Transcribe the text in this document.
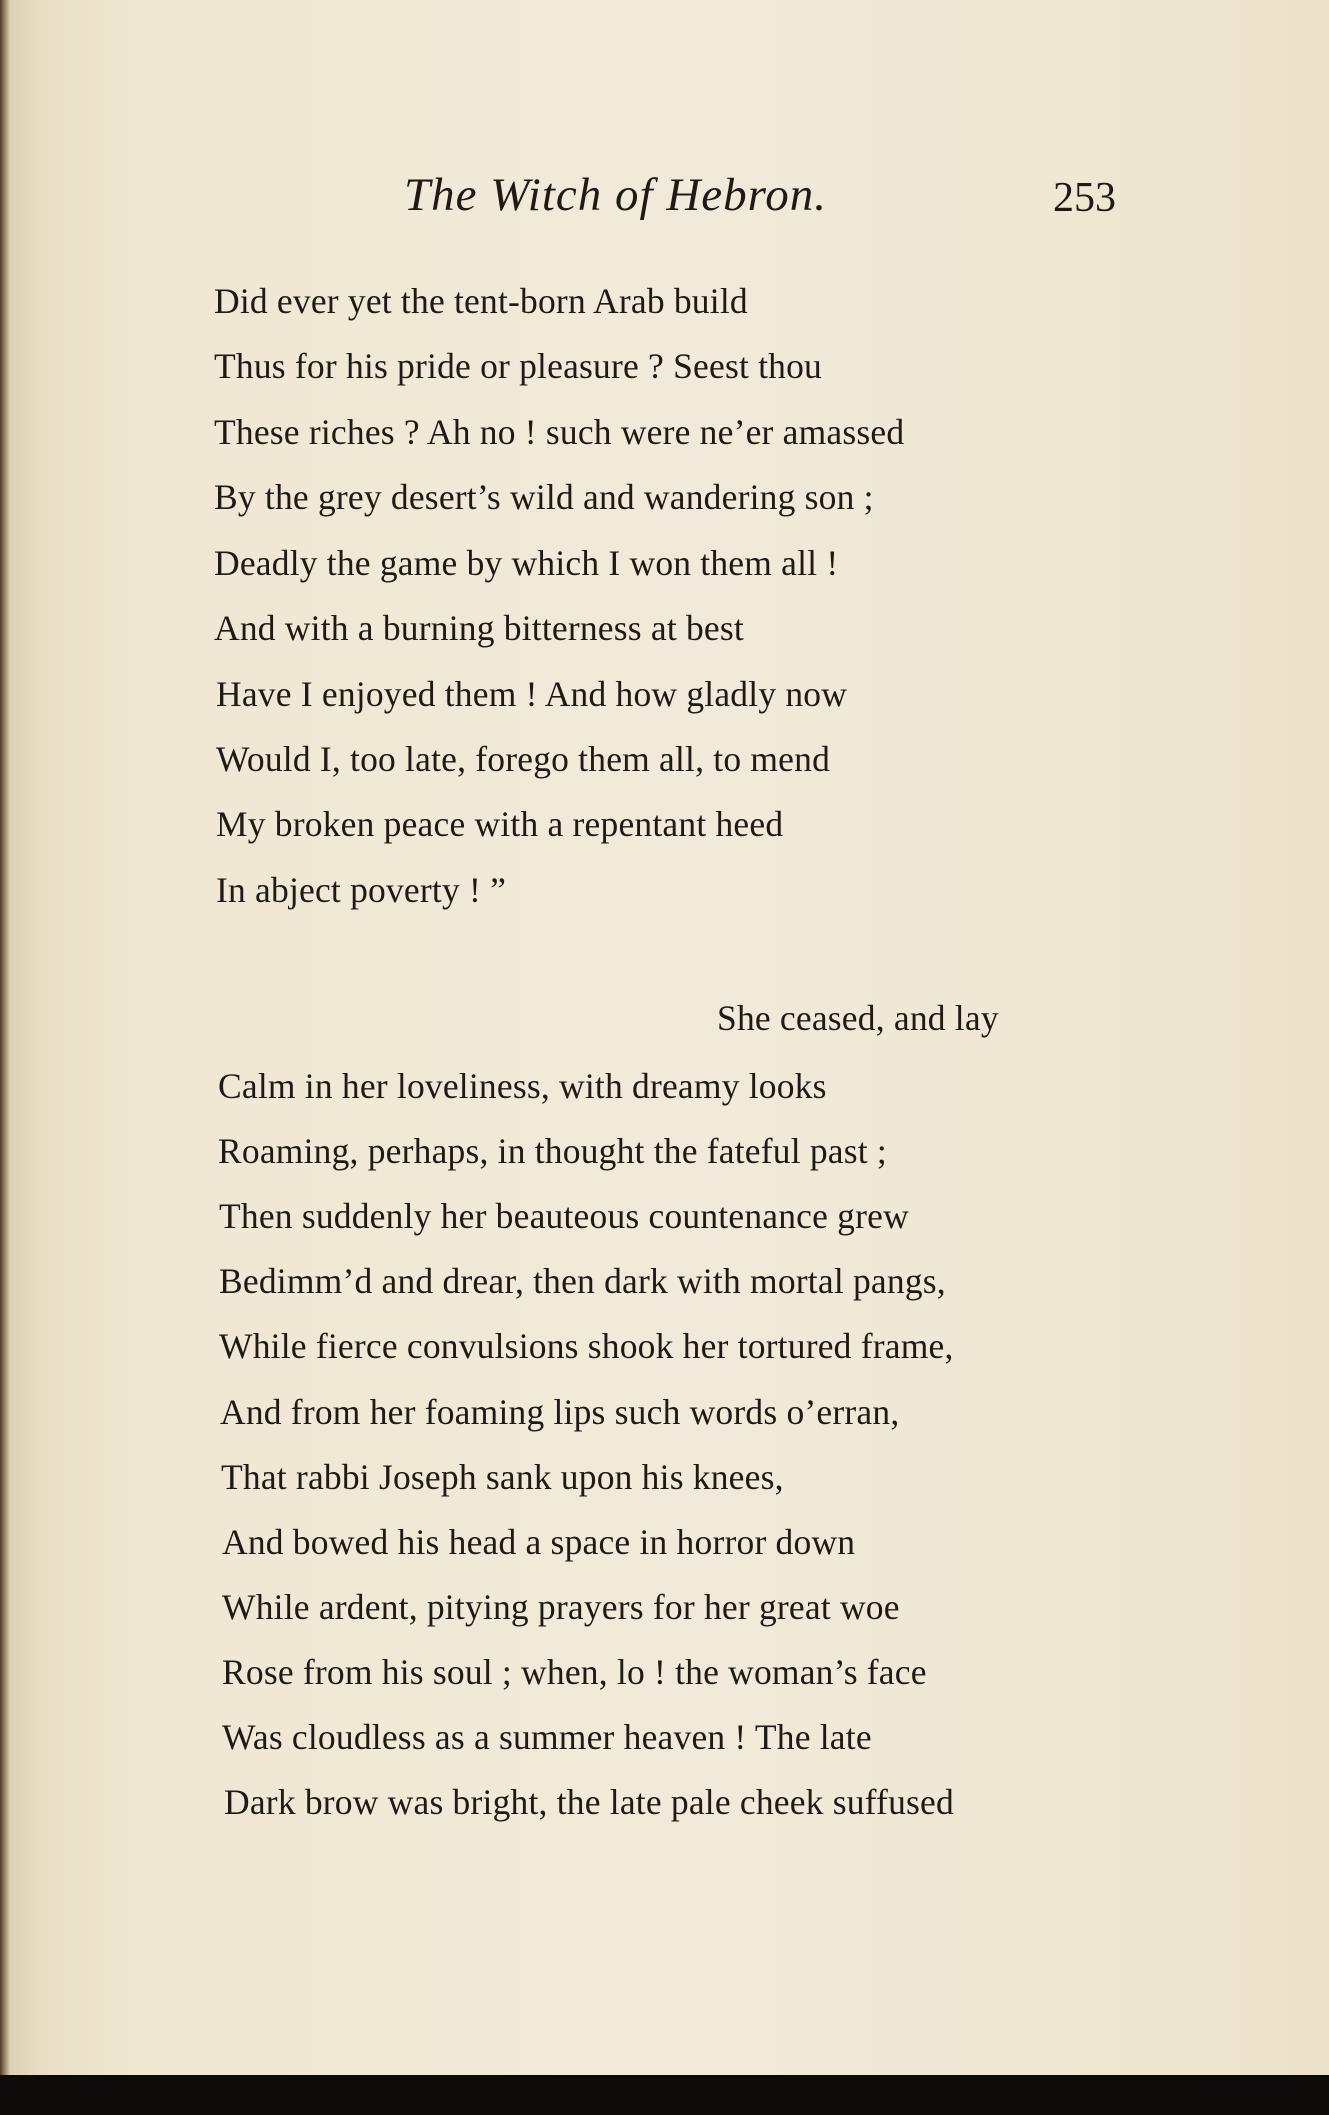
The Witch of Hebron.	253
Did ever yet the tent-born Arab build
Thus for his pride or pleasure ? Seest thou
These riches ? Ah no ! such were ne’er amassed
By the grey desert’s wild and wandering son ;
Deadly the game by which I won them all !
And with a burning bitterness at best
Have I enjoyed them ! And how gladly now
Would I, too late, forego them all, to mend
My broken peace with a repentant heed
In abject poverty ! ”
She ceased, and lay
Calm in her loveliness, with dreamy looks
Roaming, perhaps, in thought the fateful past ;
Then suddenly her beauteous countenance grew
Bedimm’d and drear, then dark with mortal pangs,
While fierce convulsions shook her tortured frame,
And from her foaming lips such words o’erran,
That rabbi Joseph sank upon his knees,
And bowed his head a space in horror down
While ardent, pitying prayers for her great woe
Rose from his soul ; when, lo ! the woman’s face
Was cloudless as a summer heaven ! The late
Dark brow was bright, the late pale cheek suffused
